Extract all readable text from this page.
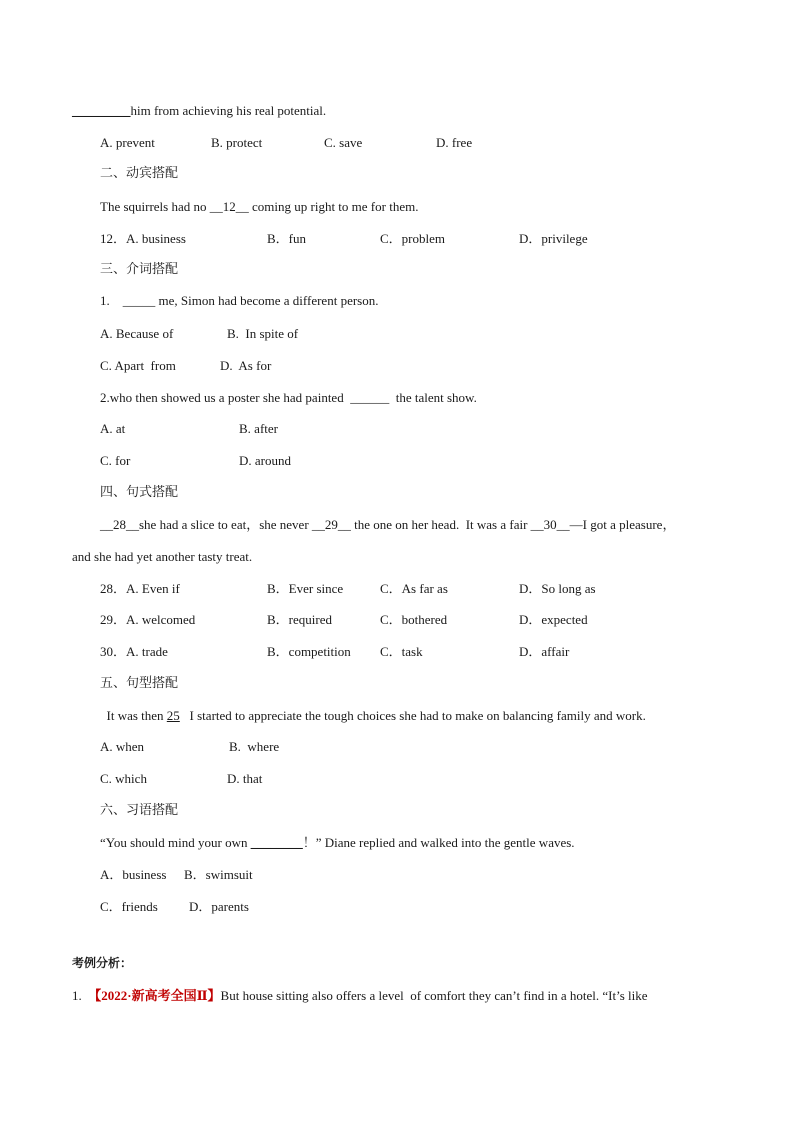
_________him from achieving his real potential.
A. prevent	B. protect	C. save	D. free
二、动宾搭配
The squirrels had no __12__ coming up right to me for them.
12．A. business	B．fun	C．problem	D．privilege
三、介词搭配
1.    _____ me, Simon had become a different person.
A. Because of	B.  In spite of
C. Apart  from	D.  As for
2.who then showed us a poster she had painted  ______  the talent show.
A. at	B. after
C. for	D. around
四、句式搭配
__28__she had a slice to eat，she never __29__ the one on her head.  It was a fair __30__—I got a pleasure，
and she had yet another tasty treat.
28．A. Even if	B．Ever since	C．As far as	D．So long as
29．A. welcomed	B．required	C．bothered	D．expected
30．A. trade	B．competition C．task	D．affair
五、句型搭配
It was then 25   I started to appreciate the tough choices she had to make on balancing family and work.
A. when	B.  where
C. which	D. that
六、习语搭配
“You should mind your own ________！” Diane replied and walked into the gentle waves.
A．business B．swimsuit
C．friends D．parents
考例分析：
1.  【2022·新高考全国Ⅱ】But house sitting also offers a level  of comfort they can’t find in a hotel. “It’s like
